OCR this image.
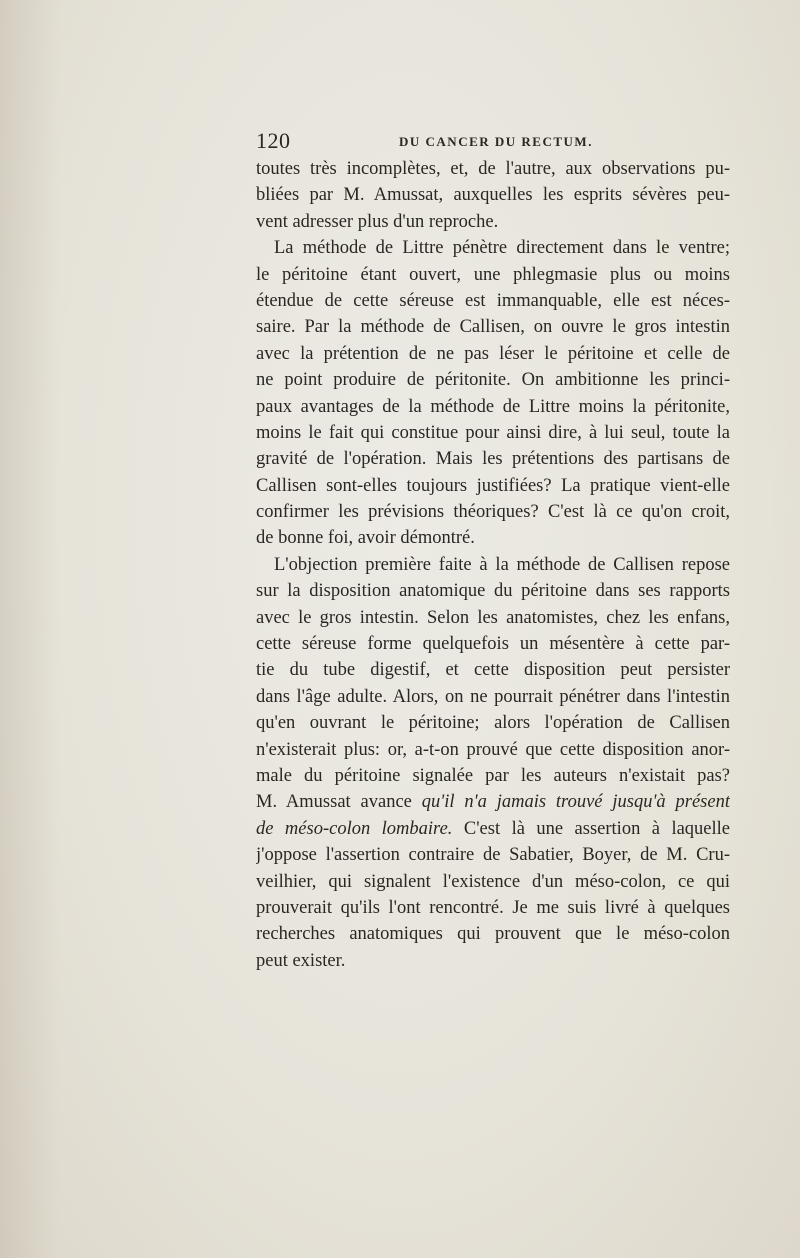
120	DU CANCER DU RECTUM.
toutes très incomplètes, et, de l'autre, aux observations pu-
bliées par M. Amussat, auxquelles les esprits sévères peu-
vent adresser plus d'un reproche.
La méthode de Littre pénètre directement dans le ventre;
le péritoine étant ouvert, une phlegmasie plus ou moins
étendue de cette séreuse est immanquable, elle est néces-
saire. Par la méthode de Callisen, on ouvre le gros intestin
avec la prétention de ne pas léser le péritoine et celle de
ne point produire de péritonite. On ambitionne les princi-
paux avantages de la méthode de Littre moins la péritonite,
moins le fait qui constitue pour ainsi dire, à lui seul, toute la
gravité de l'opération. Mais les prétentions des partisans de
Callisen sont-elles toujours justifiées? La pratique vient-elle
confirmer les prévisions théoriques? C'est là ce qu'on croit,
de bonne foi, avoir démontré.
L'objection première faite à la méthode de Callisen repose
sur la disposition anatomique du péritoine dans ses rapports
avec le gros intestin. Selon les anatomistes, chez les enfans,
cette séreuse forme quelquefois un mésentère à cette par-
tie du tube digestif, et cette disposition peut persister
dans l'âge adulte. Alors, on ne pourrait pénétrer dans l'intestin
qu'en ouvrant le péritoine; alors l'opération de Callisen
n'existerait plus: or, a-t-on prouvé que cette disposition anor-
male du péritoine signalée par les auteurs n'existait pas?
M. Amussat avance qu'il n'a jamais trouvé jusqu'à présent
de méso-colon lombaire. C'est là une assertion à laquelle
j'oppose l'assertion contraire de Sabatier, Boyer, de M. Cru-
veilhier, qui signalent l'existence d'un méso-colon, ce qui
prouverait qu'ils l'ont rencontré. Je me suis livré à quelques
recherches anatomiques qui prouvent que le méso-colon
peut exister.
